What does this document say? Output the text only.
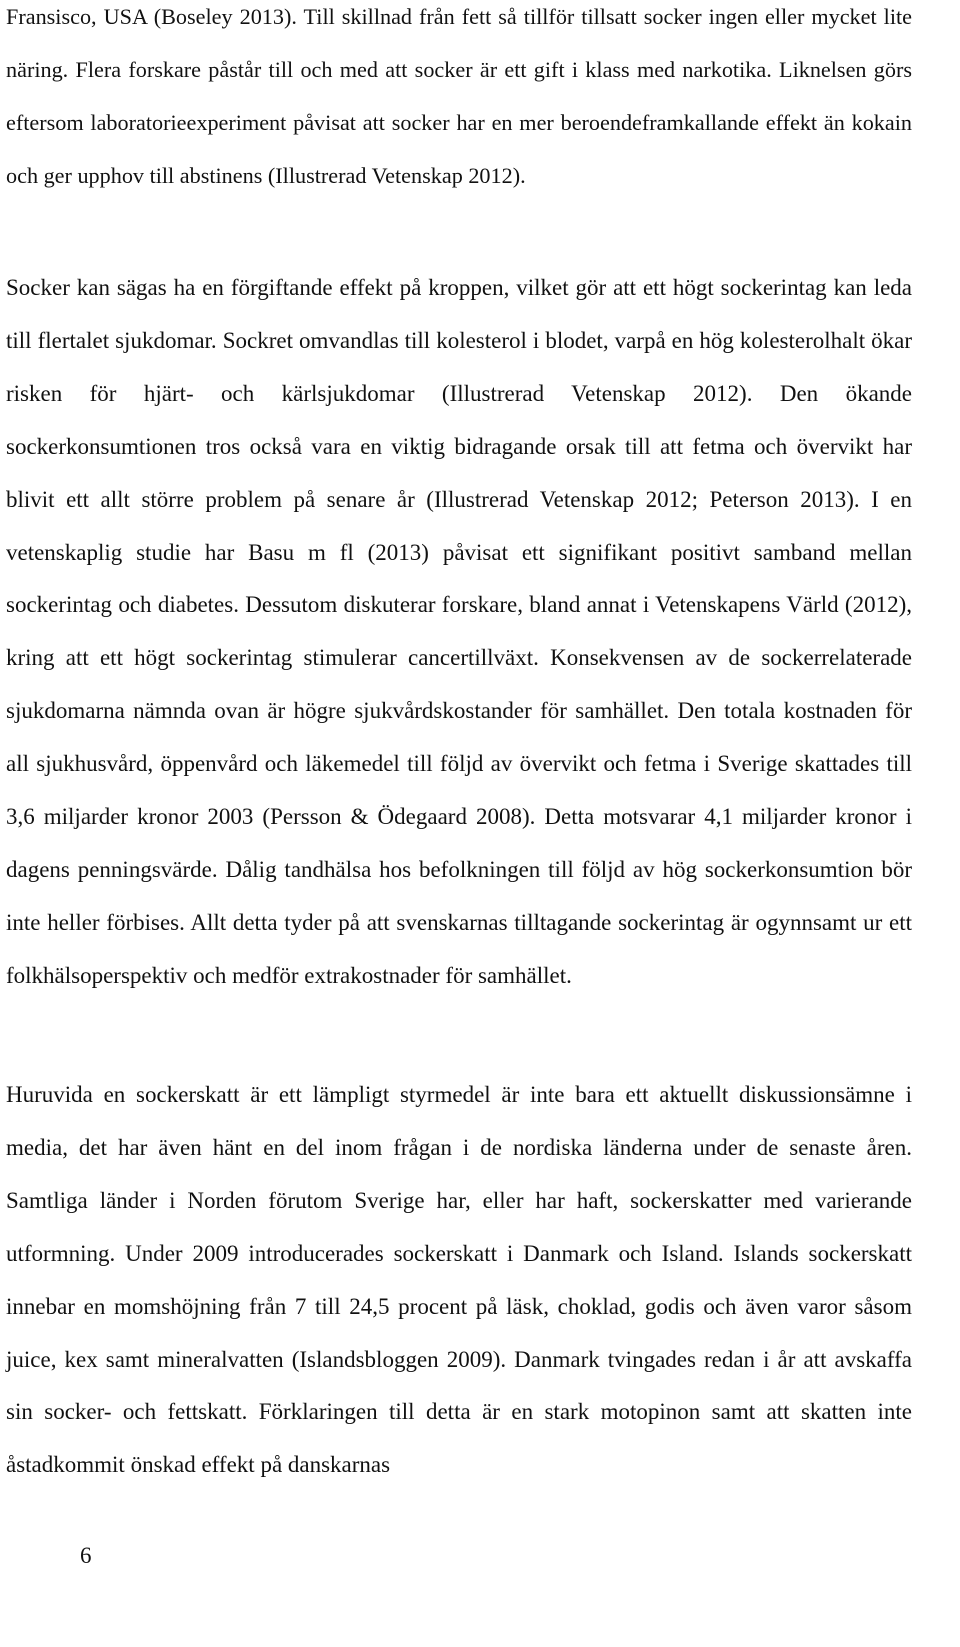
Fransisco, USA (Boseley 2013). Till skillnad från fett så tillför tillsatt socker ingen eller mycket lite näring. Flera forskare påstår till och med att socker är ett gift i klass med narkotika. Liknelsen görs eftersom laboratorieexperiment påvisat att socker har en mer beroendeframkallande effekt än kokain och ger upphov till abstinens (Illustrerad Vetenskap 2012).

Socker kan sägas ha en förgiftande effekt på kroppen, vilket gör att ett högt sockerintag kan leda till flertalet sjukdomar. Sockret omvandlas till kolesterol i blodet, varpå en hög kolesterolhalt ökar risken för hjärt- och kärlsjukdomar (Illustrerad Vetenskap 2012). Den ökande sockerkonsumtionen tros också vara en viktig bidragande orsak till att fetma och övervikt har blivit ett allt större problem på senare år (Illustrerad Vetenskap 2012; Peterson 2013). I en vetenskaplig studie har Basu m fl (2013) påvisat ett signifikant positivt samband mellan sockerintag och diabetes. Dessutom diskuterar forskare, bland annat i Vetenskapens Värld (2012), kring att ett högt sockerintag stimulerar cancertillväxt. Konsekvensen av de sockerrelaterade sjukdomarna nämnda ovan är högre sjukvårdskostander för samhället. Den totala kostnaden för all sjukhusvård, öppenvård och läkemedel till följd av övervikt och fetma i Sverige skattades till 3,6 miljarder kronor 2003 (Persson & Ödegaard 2008). Detta motsvarar 4,1 miljarder kronor i dagens penningsvärde. Dålig tandhälsa hos befolkningen till följd av hög sockerkonsumtion bör inte heller förbises. Allt detta tyder på att svenskarnas tilltagande sockerintag är ogynnsamt ur ett folkhälsoperspektiv och medför extrakostnader för samhället.

Huruvida en sockerskatt är ett lämpligt styrmedel är inte bara ett aktuellt diskussionsämne i media, det har även hänt en del inom frågan i de nordiska länderna under de senaste åren. Samtliga länder i Norden förutom Sverige har, eller har haft, sockerskatter med varierande utformning. Under 2009 introducerades sockerskatt i Danmark och Island. Islands sockerskatt innebar en momshöjning från 7 till 24,5 procent på läsk, choklad, godis och även varor såsom juice, kex samt mineralvatten (Islandsbloggen 2009). Danmark tvingades redan i år att avskaffa sin socker- och fettskatt. Förklaringen till detta är en stark motopinon samt att skatten inte åstadkommit önskad effekt på danskarnas

6
